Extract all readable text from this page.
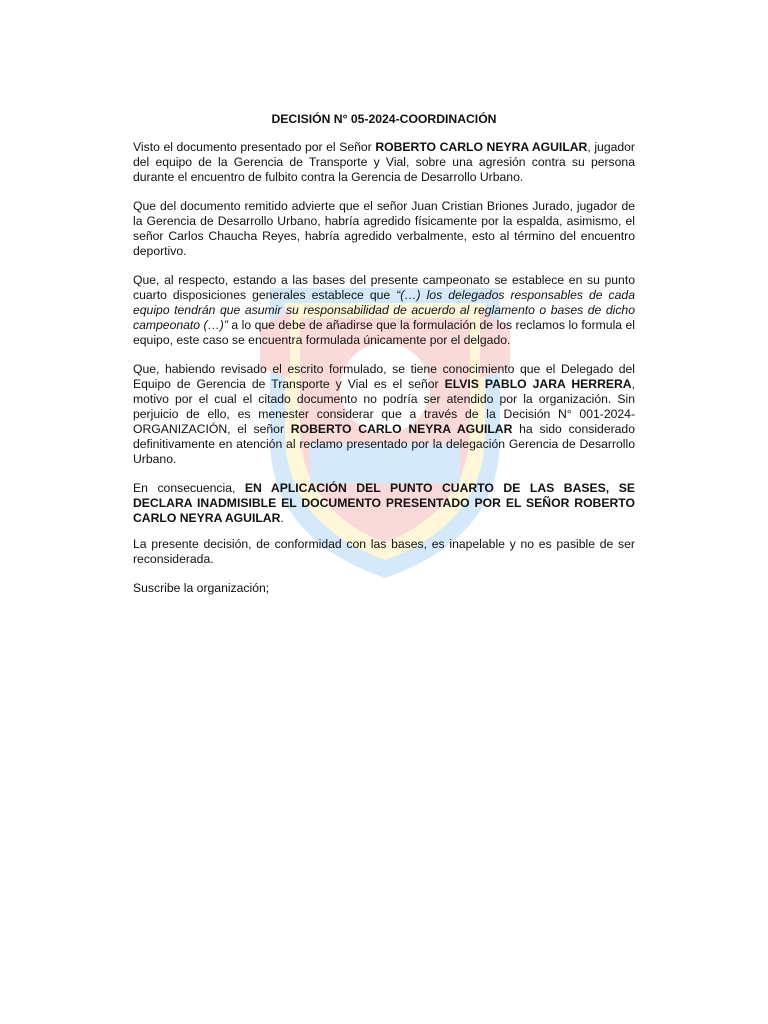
DECISIÓN N° 05-2024-COORDINACIÓN

Visto el documento presentado por el Señor ROBERTO CARLO NEYRA AGUILAR, jugador del equipo de la Gerencia de Transporte y Vial, sobre una agresión contra su persona durante el encuentro de fulbito contra la Gerencia de Desarrollo Urbano.

Que del documento remitido advierte que el señor Juan Cristian Briones Jurado, jugador de la Gerencia de Desarrollo Urbano, habría agredido físicamente por la espalda, asimismo, el señor Carlos Chaucha Reyes, habría agredido verbalmente, esto al término del encuentro deportivo.

Que, al respecto, estando a las bases del presente campeonato se establece en su punto cuarto disposiciones generales establece que “(…) los delegados responsables de cada equipo tendrán que asumir su responsabilidad de acuerdo al reglamento o bases de dicho campeonato (…)” a lo que debe de añadirse que la formulación de los reclamos lo formula el equipo, este caso se encuentra formulada únicamente por el delgado.

Que, habiendo revisado el escrito formulado, se tiene conocimiento que el Delegado del Equipo de Gerencia de Transporte y Vial es el señor ELVIS PABLO JARA HERRERA, motivo por el cual el citado documento no podría ser atendido por la organización. Sin perjuicio de ello, es menester considerar que a través de la Decisión N° 001-2024-ORGANIZACIÓN, el señor ROBERTO CARLO NEYRA AGUILAR ha sido considerado definitivamente en atención al reclamo presentado por la delegación Gerencia de Desarrollo Urbano.

En consecuencia, EN APLICACIÓN DEL PUNTO CUARTO DE LAS BASES, SE DECLARA INADMISIBLE EL DOCUMENTO PRESENTADO POR EL SEÑOR ROBERTO CARLO NEYRA AGUILAR.

La presente decisión, de conformidad con las bases, es inapelable y no es pasible de ser reconsiderada.

Suscribe la organización;
